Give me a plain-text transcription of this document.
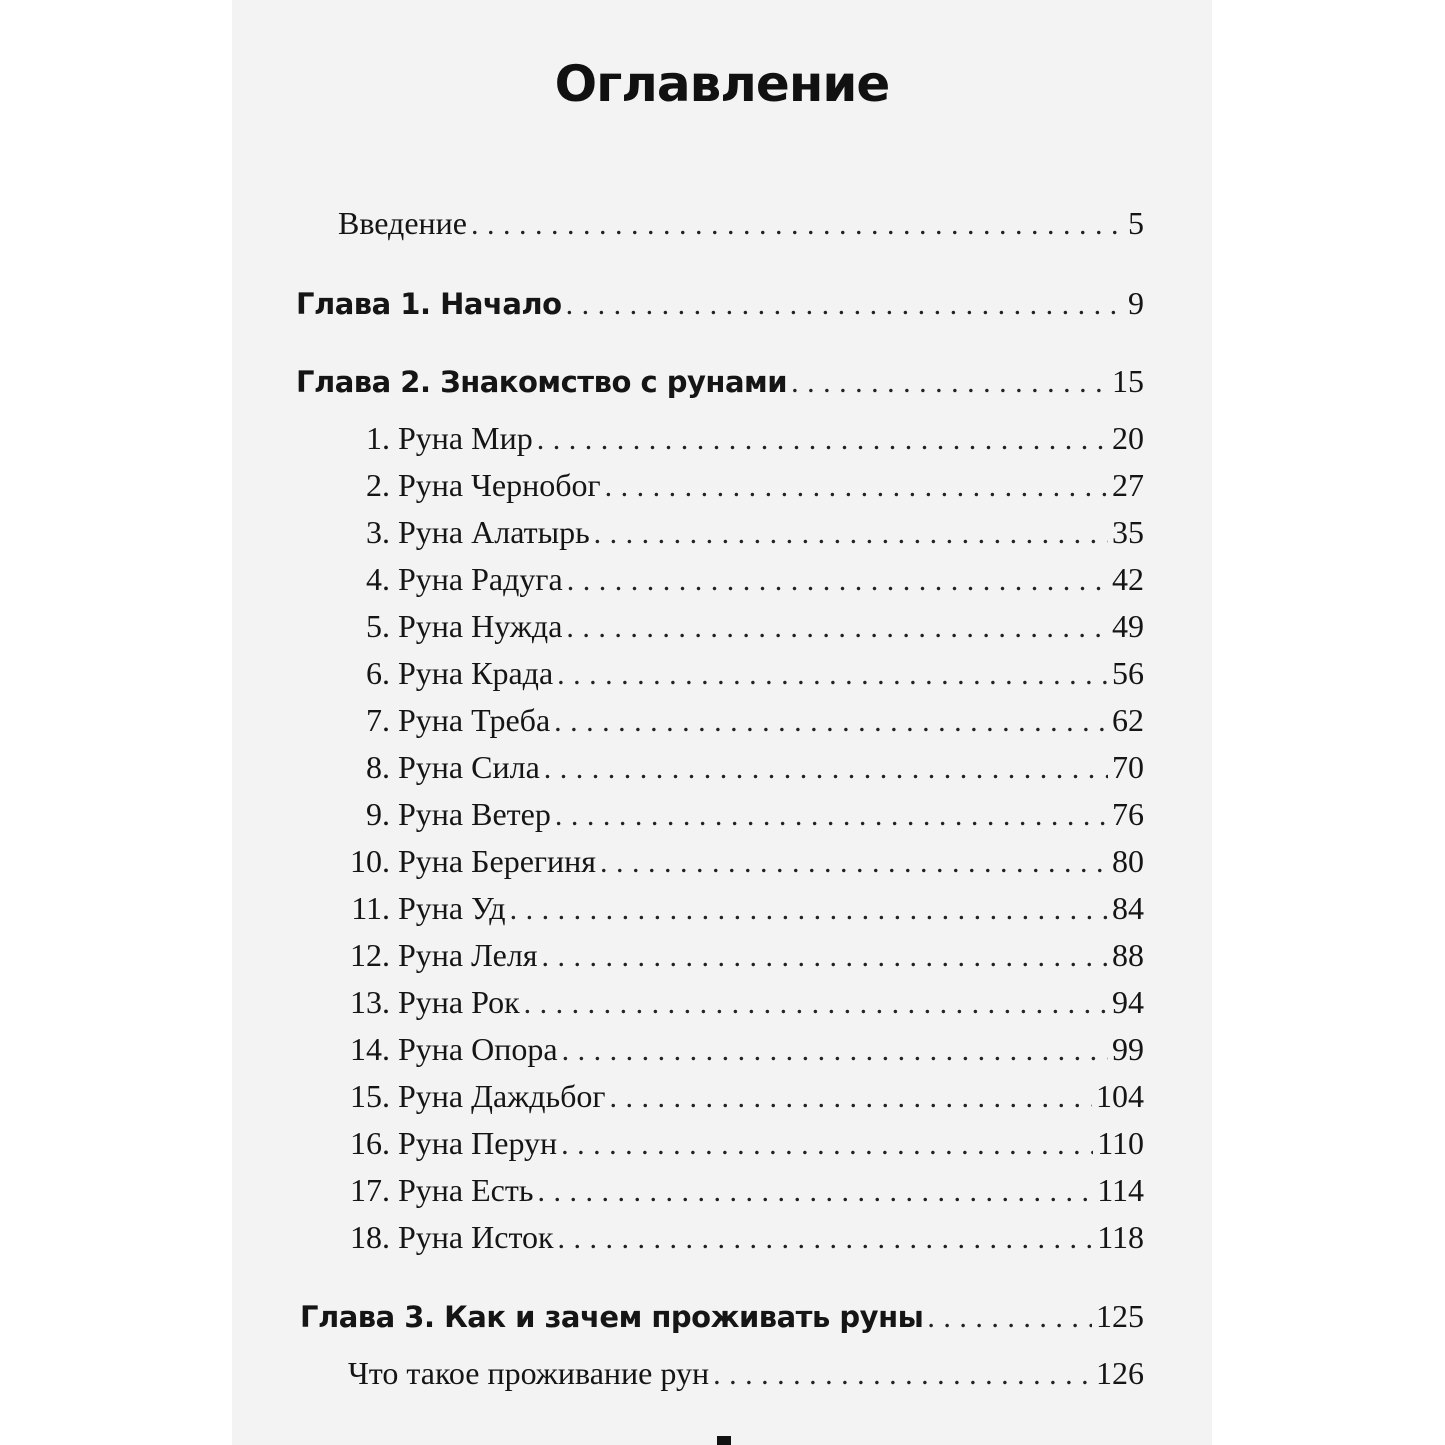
Оглавление
Введение . . .	5
Глава 1. Начало . . .	9
Глава 2. Знакомство с рунами . . .	15
1. Руна Мир . . .	20
2. Руна Чернобог . . .	27
3. Руна Алатырь . . .	35
4. Руна Радуга . . .	42
5. Руна Нужда . . .	49
6. Руна Крада . . .	56
7. Руна Треба . . .	62
8. Руна Сила . . .	70
9. Руна Ветер . . .	76
10. Руна Берегиня . . .	80
11. Руна Уд . . .	84
12. Руна Леля . . .	88
13. Руна Рок . . .	94
14. Руна Опора . . .	99
15. Руна Даждьбог . . .	104
16. Руна Перун . . .	110
17. Руна Есть . . .	114
18. Руна Исток . . .	118
Глава 3. Как и зачем проживать руны . . .	125
Что такое проживание рун . . .	126
